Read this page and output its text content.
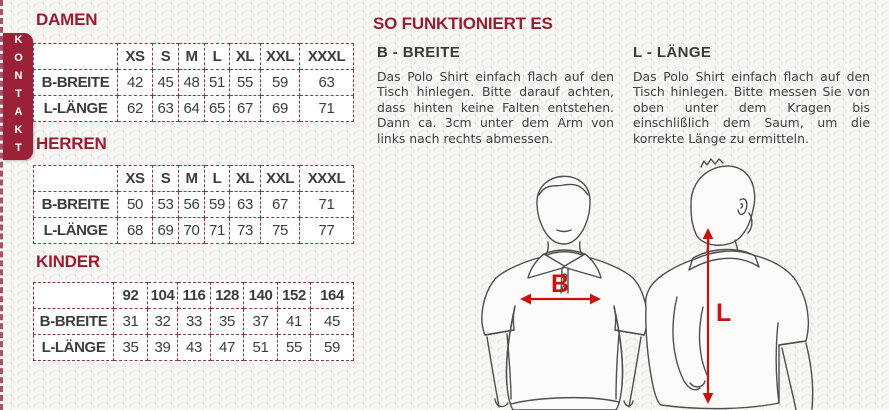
KONTAKT
DAMEN
	XS	S	M	L	XL	XXL	XXXL
B-BREITE	42	45	48	51	55	59	63
L-LÄNGE	62	63	64	65	67	69	71
HERREN
	XS	S	M	L	XL	XXL	XXXL
B-BREITE	50	53	56	59	63	67	71
L-LÄNGE	68	69	70	71	73	75	77
KINDER
	92	104	116	128	140	152	164
B-BREITE	31	32	33	35	37	41	45
L-LÄNGE	35	39	43	47	51	55	59
SO FUNKTIONIERT ES
B - BREITE

Das Polo Shirt einfach flach auf den Tisch hinlegen. Bitte darauf achten, dass hinten keine Falten entstehen. Dann ca. 3cm unter dem Arm von links nach rechts abmessen.

L - LÄNGE

Das Polo Shirt einfach flach auf den Tisch hinlegen. Bitte messen Sie von oben unter dem Kragen bis einschlißlich dem Saum, um die korrekte Länge zu ermitteln.

B
L
